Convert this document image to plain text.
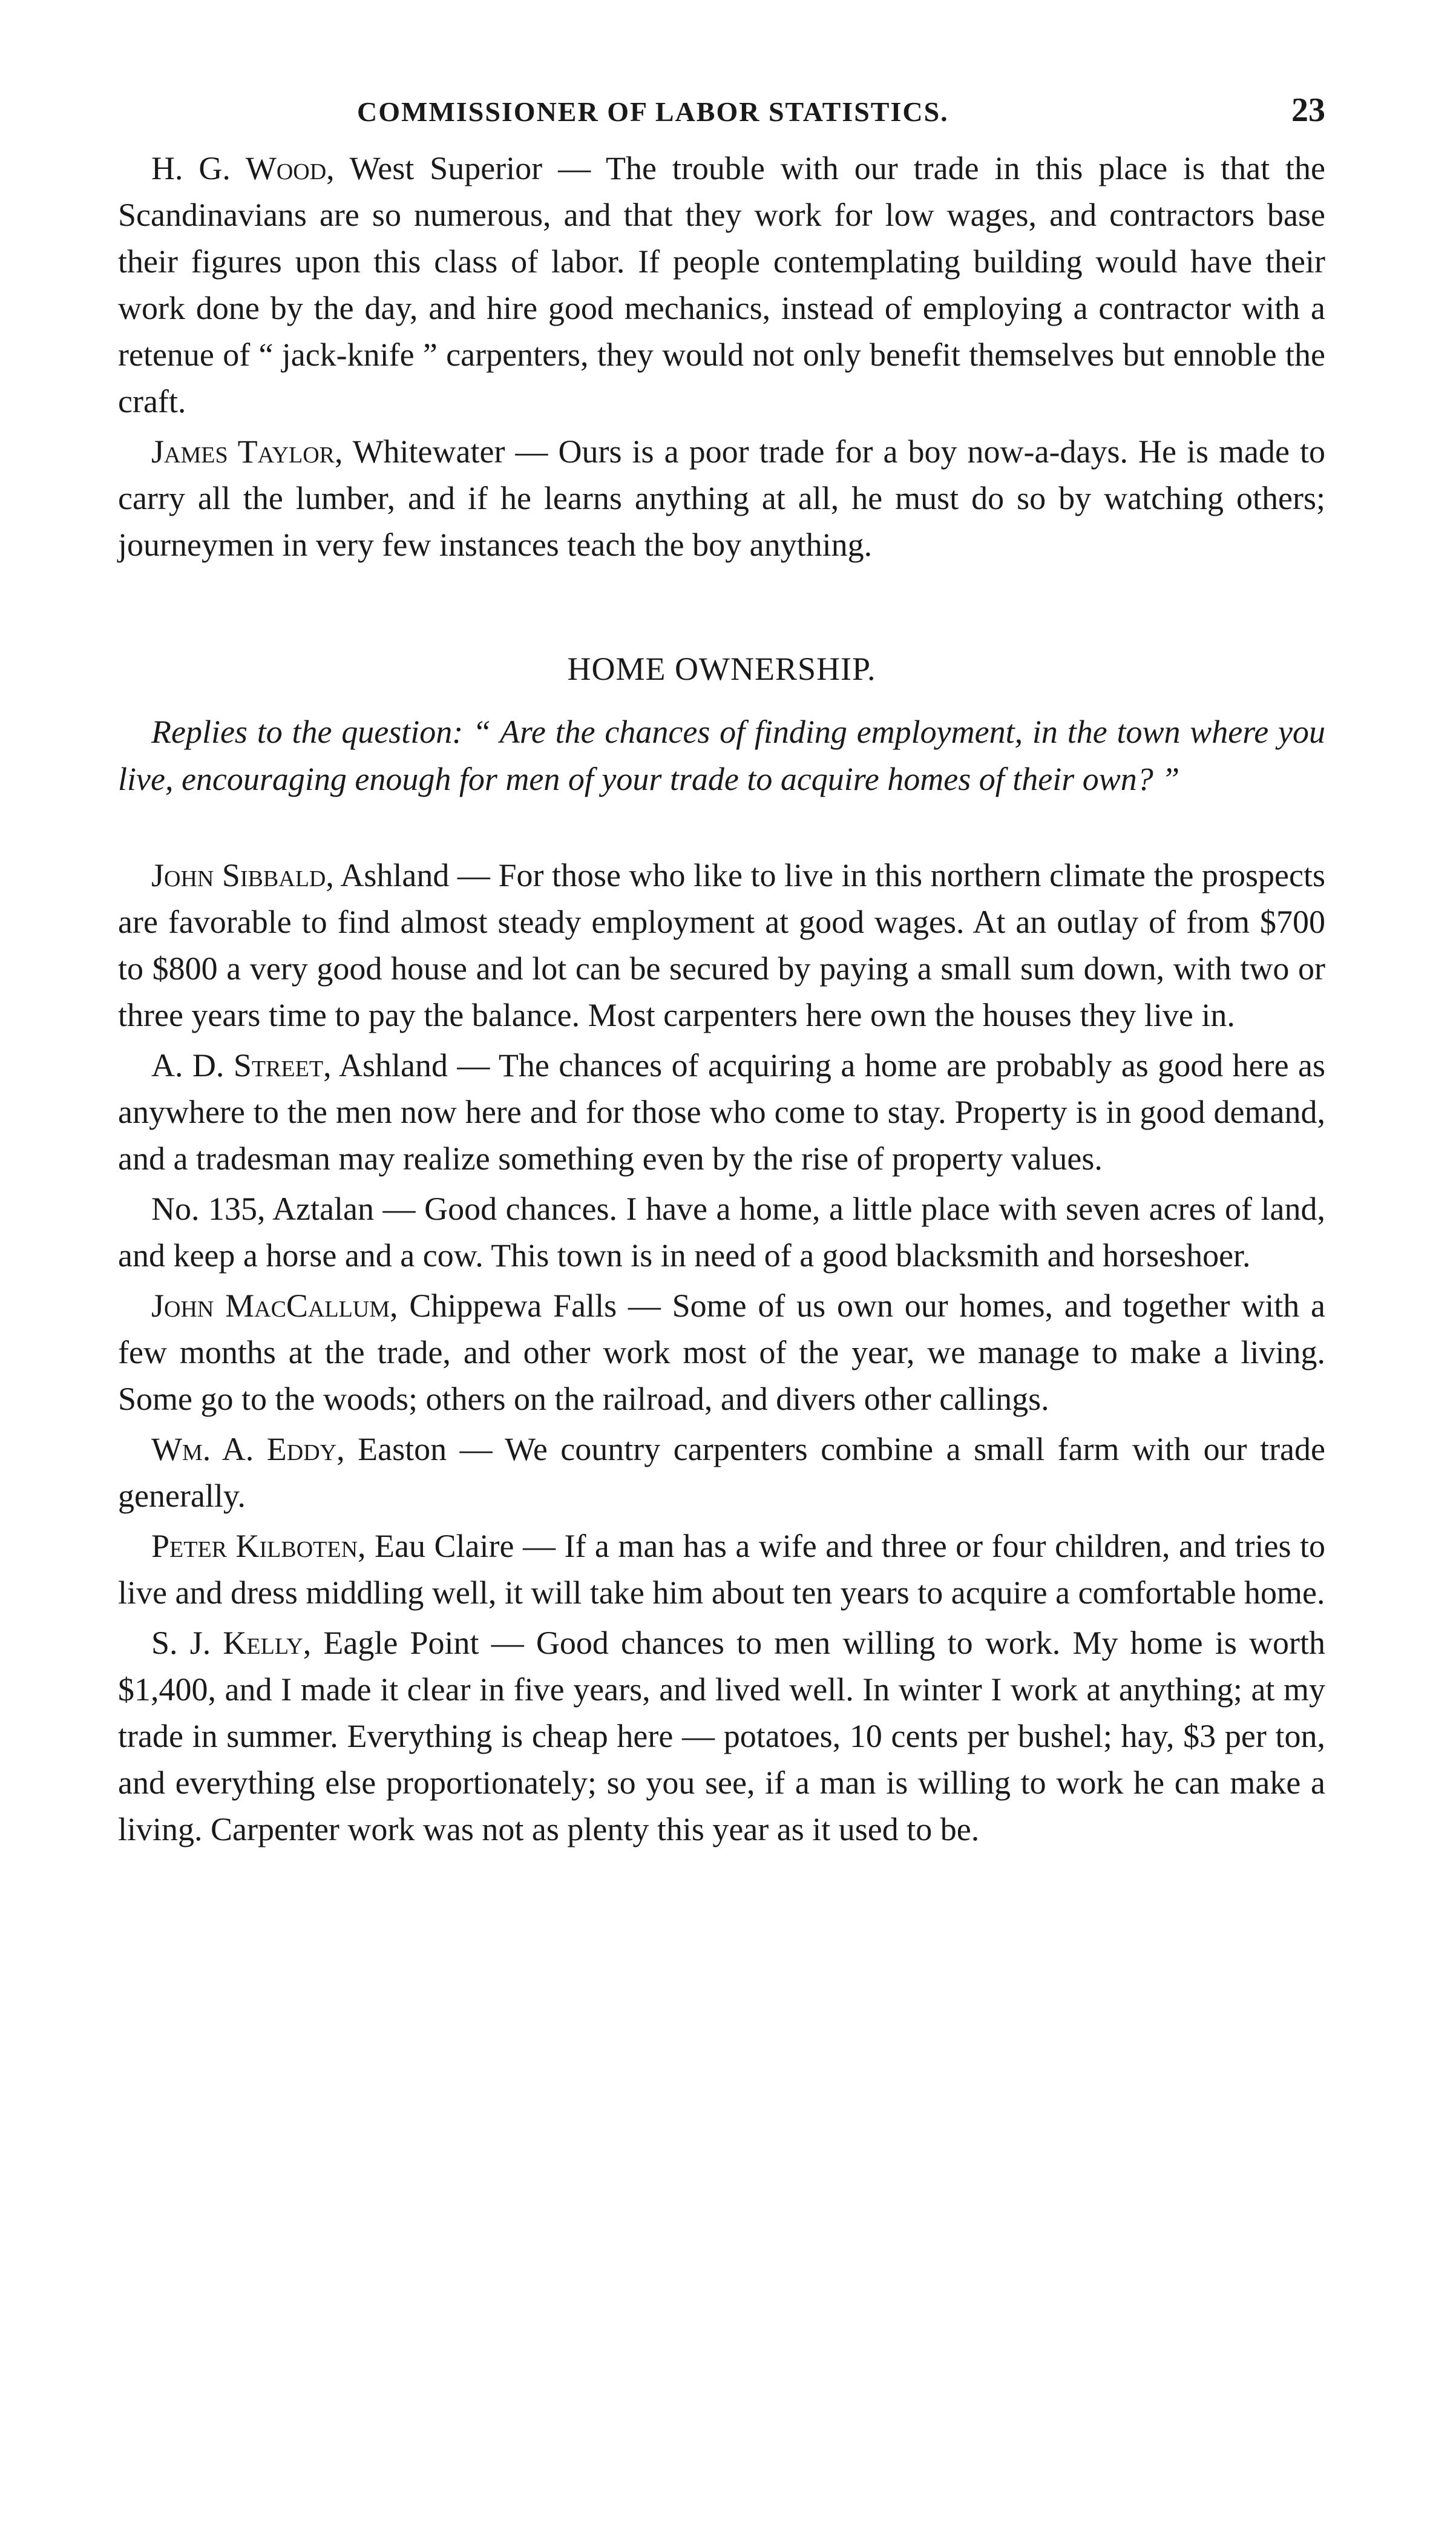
COMMISSIONER OF LABOR STATISTICS.	23

H. G. Wood, West Superior — The trouble with our trade in this place is that the Scandinavians are so numerous, and that they work for low wages, and contractors base their figures upon this class of labor. If people contemplating building would have their work done by the day, and hire good mechanics, instead of employing a contractor with a retenue of “ jack-knife ” carpenters, they would not only benefit themselves but ennoble the craft.

James Taylor, Whitewater — Ours is a poor trade for a boy now-a-days. He is made to carry all the lumber, and if he learns anything at all, he must do so by watching others; journeymen in very few instances teach the boy anything.

HOME OWNERSHIP.

Replies to the question: “ Are the chances of finding employment, in the town where you live, encouraging enough for men of your trade to acquire homes of their own? ”

John Sibbald, Ashland — For those who like to live in this northern climate the prospects are favorable to find almost steady employment at good wages. At an outlay of from $700 to $800 a very good house and lot can be secured by paying a small sum down, with two or three years time to pay the balance. Most carpenters here own the houses they live in.

A. D. Street, Ashland — The chances of acquiring a home are probably as good here as anywhere to the men now here and for those who come to stay. Property is in good demand, and a tradesman may realize something even by the rise of property values.

No. 135, Aztalan — Good chances. I have a home, a little place with seven acres of land, and keep a horse and a cow. This town is in need of a good blacksmith and horseshoer.

John MacCallum, Chippewa Falls — Some of us own our homes, and together with a few months at the trade, and other work most of the year, we manage to make a living. Some go to the woods; others on the railroad, and divers other callings.

Wm. A. Eddy, Easton — We country carpenters combine a small farm with our trade generally.

Peter Kilboten, Eau Claire — If a man has a wife and three or four children, and tries to live and dress middling well, it will take him about ten years to acquire a comfortable home.

S. J. Kelly, Eagle Point — Good chances to men willing to work. My home is worth $1,400, and I made it clear in five years, and lived well. In winter I work at anything; at my trade in summer. Everything is cheap here — potatoes, 10 cents per bushel; hay, $3 per ton, and everything else proportionately; so you see, if a man is willing to work he can make a living. Carpenter work was not as plenty this year as it used to be.
